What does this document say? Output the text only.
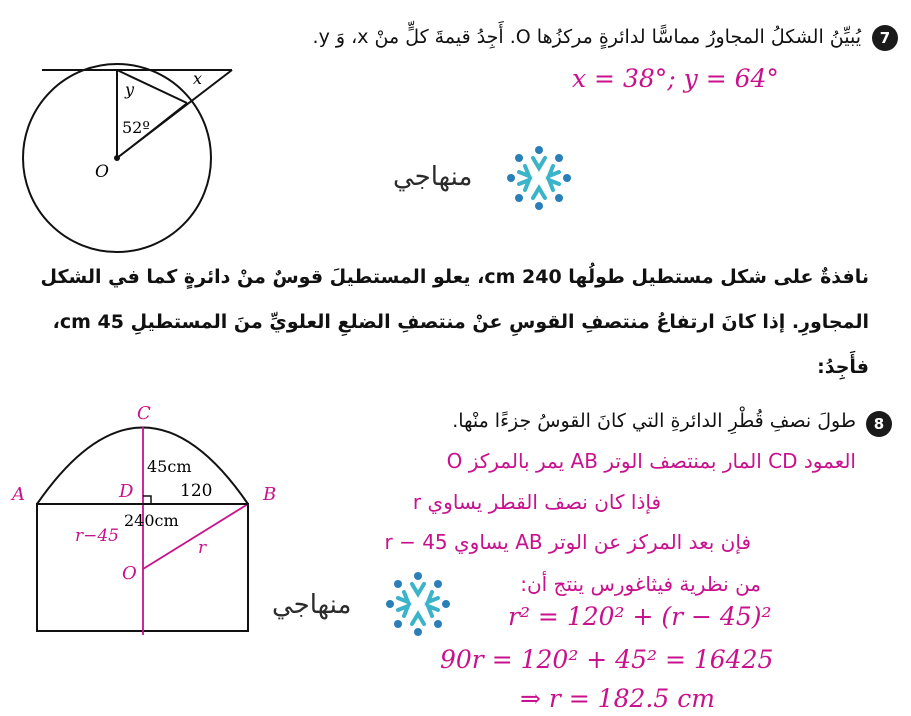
7
يُبيِّنُ الشكلُ المجاورُ مماسًّا لدائرةٍ مركزُها O. أَجِدُ قيمةَ كلٍّ منْ x، وَ y.
x = 38°; y = 64°
y
x
52º
O	منهاجي
نافذةٌ على شكل مستطيل طولُها 240 cm، يعلو المستطيلَ قوسٌ منْ دائرةٍ كما في الشكل
المجاورِ. إذا كانَ ارتفاعُ منتصفِ القوسِ عنْ منتصفِ الضلعِ العلويِّ منَ المستطيلِ 45 cm،
فأَجِدُ:
8
طولَ نصفِ قُطْرِ الدائرةِ التي كانَ القوسُ جزءًا منْها.
العمود CD المار بمنتصف الوتر AB يمر بالمركز O
فإذا كان نصف القطر يساوي r
فإن بعد المركز عن الوتر AB يساوي r − 45
من نظرية فيثاغورس ينتج أن:
r² = 120² + (r − 45)²
90r = 120² + 45² = 16425
⇒ r = 182.5 cm
C
A	B
D
O
45cm
120
240cm
r−45
r
منهاجي
